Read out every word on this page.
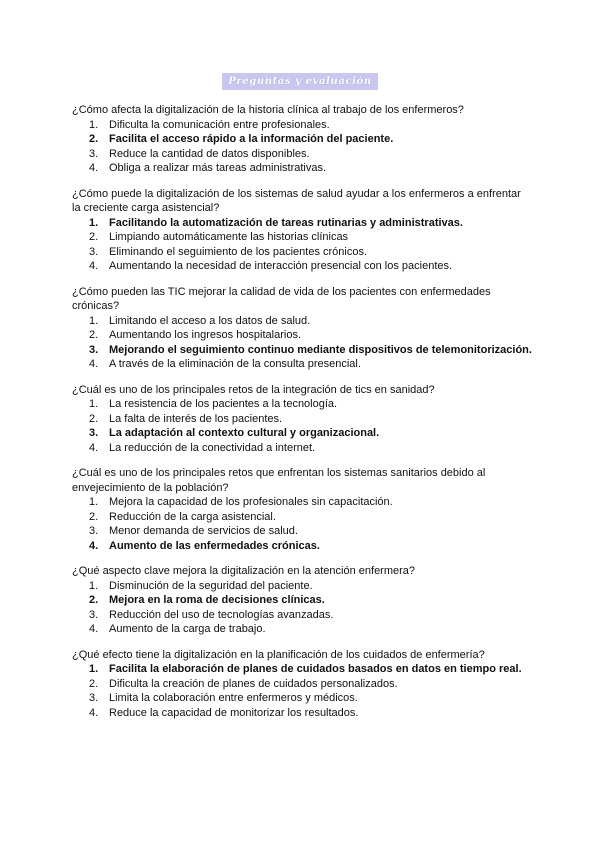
Preguntas y evaluación

¿Cómo afecta la digitalización de la historia clínica al trabajo de los enfermeros?

1. Dificulta la comunicación entre profesionales.
2. Facilita el acceso rápido a la información del paciente.
3. Reduce la cantidad de datos disponibles.
4. Obliga a realizar más tareas administrativas.

¿Cómo puede la digitalización de los sistemas de salud ayudar a los enfermeros a enfrentar la creciente carga asistencial?

1. Facilitando la automatización de tareas rutinarias y administrativas.
2. Limpiando automáticamente las historias clínicas
3. Eliminando el seguimiento de los pacientes crónicos.
4. Aumentando la necesidad de interacción presencial con los pacientes.

¿Cómo pueden las TIC mejorar la calidad de vida de los pacientes con enfermedades crónicas?

1. Limitando el acceso a los datos de salud.
2. Aumentando los ingresos hospitalarios.
3. Mejorando el seguimiento continuo mediante dispositivos de telemonitorización.
4. A través de la eliminación de la consulta presencial.

¿Cuál es uno de los principales retos de la integración de tics en sanidad?

1. La resistencia de los pacientes a la tecnología.
2. La falta de interés de los pacientes.
3. La adaptación al contexto cultural y organizacional.
4. La reducción de la conectividad a internet.

¿Cuál es uno de los principales retos que enfrentan los sistemas sanitarios debido al envejecimiento de la población?

1. Mejora la capacidad de los profesionales sin capacitación.
2. Reducción de la carga asistencial.
3. Menor demanda de servicios de salud.
4. Aumento de las enfermedades crónicas.

¿Qué aspecto clave mejora la digitalización en la atención enfermera?

1. Disminución de la seguridad del paciente.
2. Mejora en la roma de decisiones clínicas.
3. Reducción del uso de tecnologías avanzadas.
4. Aumento de la carga de trabajo.

¿Qué efecto tiene la digitalización en la planificación de los cuidados de enfermería?

1. Facilita la elaboración de planes de cuidados basados en datos en tiempo real.
2. Dificulta la creación de planes de cuidados personalizados.
3. Limita la colaboración entre enfermeros y médicos.
4. Reduce la capacidad de monitorizar los resultados.
